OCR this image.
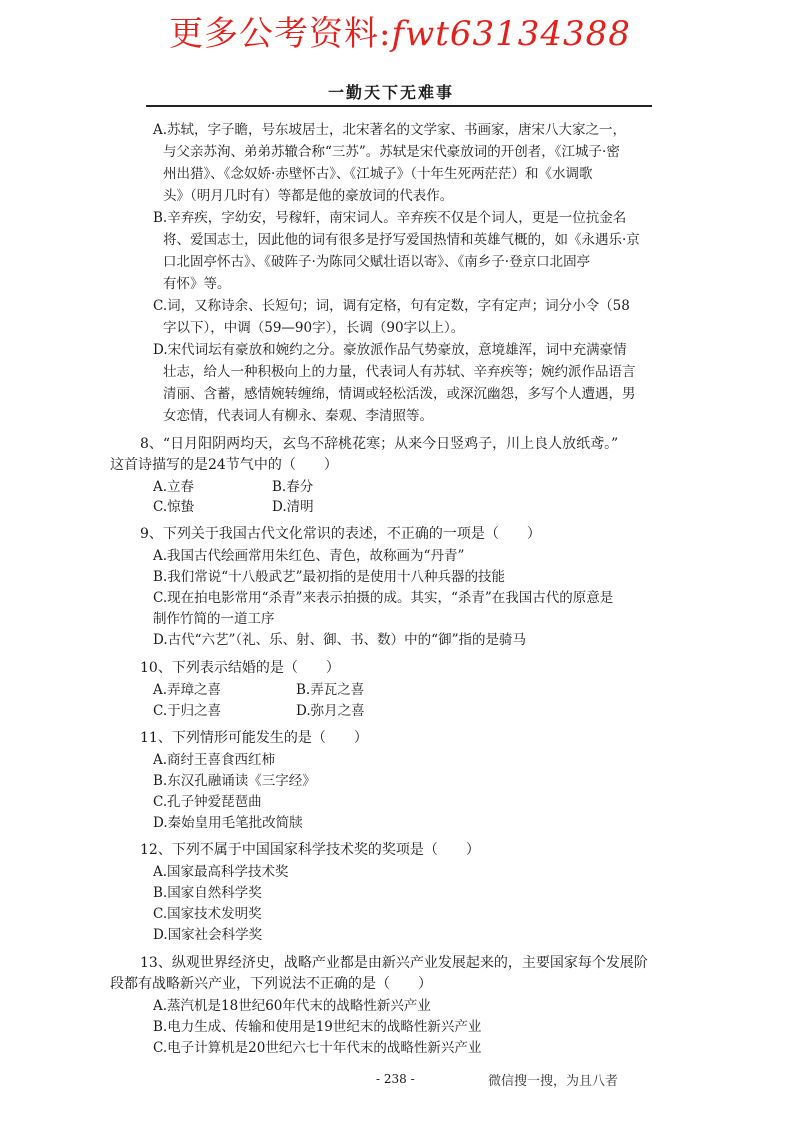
更多公考资料:fwt63134388
一勤天下无难事
A.苏轼，字子瞻，号东坡居士，北宋著名的文学家、书画家，唐宋八大家之一，
与父亲苏洵、弟弟苏辙合称“三苏”。苏轼是宋代豪放词的开创者，《江城子·密
州出猎》、《念奴娇·赤壁怀古》、《江城子》（十年生死两茫茫）和《水调歌
头》（明月几时有）等都是他的豪放词的代表作。
B.辛弃疾，字幼安，号稼轩，南宋词人。辛弃疾不仅是个词人，更是一位抗金名
将、爱国志士，因此他的词有很多是抒写爱国热情和英雄气概的，如《永遇乐·京
口北固亭怀古》、《破阵子·为陈同父赋壮语以寄》、《南乡子·登京口北固亭
有怀》等。
C.词，又称诗余、长短句；词，调有定格，句有定数，字有定声；词分小令（58
字以下），中调（59—90字），长调（90字以上）。
D.宋代词坛有豪放和婉约之分。豪放派作品气势豪放，意境雄浑，词中充满豪情
壮志，给人一种积极向上的力量，代表词人有苏轼、辛弃疾等；婉约派作品语言
清丽、含蓄，感情婉转缠绵，情调或轻松活泼，或深沉幽怨，多写个人遭遇，男
女恋情，代表词人有柳永、秦观、李清照等。
8、“日月阳阴两均天，玄鸟不辞桃花寒；从来今日竖鸡子，川上良人放纸鸢。”
这首诗描写的是24节气中的（　　）
A.立春	B.春分
C.惊蛰	D.清明
9、下列关于我国古代文化常识的表述，不正确的一项是（　　）
A.我国古代绘画常用朱红色、青色，故称画为“丹青”
B.我们常说“十八般武艺”最初指的是使用十八种兵器的技能
C.现在拍电影常用“杀青”来表示拍摄的成。其实，“杀青”在我国古代的原意是
制作竹简的一道工序
D.古代“六艺”（礼、乐、射、御、书、数）中的“御”指的是骑马
10、下列表示结婚的是（　　）
A.弄璋之喜	B.弄瓦之喜
C.于归之喜	D.弥月之喜
11、下列情形可能发生的是（　　）
A.商纣王喜食西红柿
B.东汉孔融诵读《三字经》
C.孔子钟爱琵琶曲
D.秦始皇用毛笔批改简牍
12、下列不属于中国国家科学技术奖的奖项是（　　）
A.国家最高科学技术奖
B.国家自然科学奖
C.国家技术发明奖
D.国家社会科学奖
13、纵观世界经济史，战略产业都是由新兴产业发展起来的，主要国家每个发展阶
段都有战略新兴产业，下列说法不正确的是（　　）
A.蒸汽机是18世纪60年代末的战略性新兴产业
B.电力生成、传输和使用是19世纪末的战略性新兴产业
C.电子计算机是20世纪六七十年代末的战略性新兴产业
- 238 -	微信搜一搜，为且八者
